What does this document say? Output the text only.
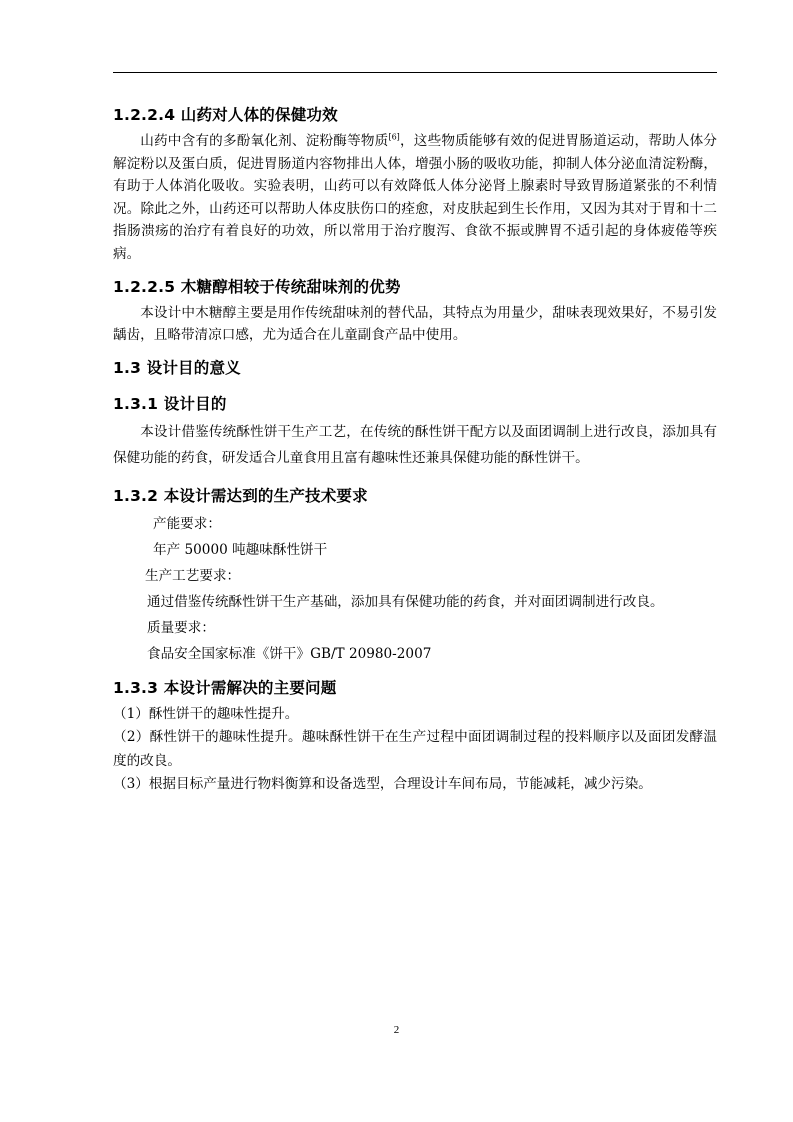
1.2.2.4 山药对人体的保健功效

山药中含有的多酚氧化剂、淀粉酶等物质[6]，这些物质能够有效的促进胃肠道运动，帮助人体分解淀粉以及蛋白质，促进胃肠道内容物排出人体，增强小肠的吸收功能，抑制人体分泌血清淀粉酶，有助于人体消化吸收。实验表明，山药可以有效降低人体分泌肾上腺素时导致胃肠道紧张的不利情况。除此之外，山药还可以帮助人体皮肤伤口的痊愈，对皮肤起到生长作用，又因为其对于胃和十二指肠溃疡的治疗有着良好的功效，所以常用于治疗腹泻、食欲不振或脾胃不适引起的身体疲倦等疾病。

1.2.2.5 木糖醇相较于传统甜味剂的优势

本设计中木糖醇主要是用作传统甜味剂的替代品，其特点为用量少，甜味表现效果好，不易引发龋齿，且略带清凉口感，尤为适合在儿童副食产品中使用。

1.3 设计目的意义
1.3.1 设计目的

本设计借鉴传统酥性饼干生产工艺，在传统的酥性饼干配方以及面团调制上进行改良，添加具有保健功能的药食，研发适合儿童食用且富有趣味性还兼具保健功能的酥性饼干。

1.3.2 本设计需达到的生产技术要求

产能要求：

年产 50000 吨趣味酥性饼干

生产工艺要求：

通过借鉴传统酥性饼干生产基础，添加具有保健功能的药食，并对面团调制进行改良。

质量要求：

食品安全国家标准《饼干》GB/T 20980-2007

1.3.3 本设计需解决的主要问题

（1）酥性饼干的趣味性提升。

（2）酥性饼干的趣味性提升。趣味酥性饼干在生产过程中面团调制过程的投料顺序以及面团发酵温度的改良。

（3）根据目标产量进行物料衡算和设备选型，合理设计车间布局，节能减耗，减少污染。

2
